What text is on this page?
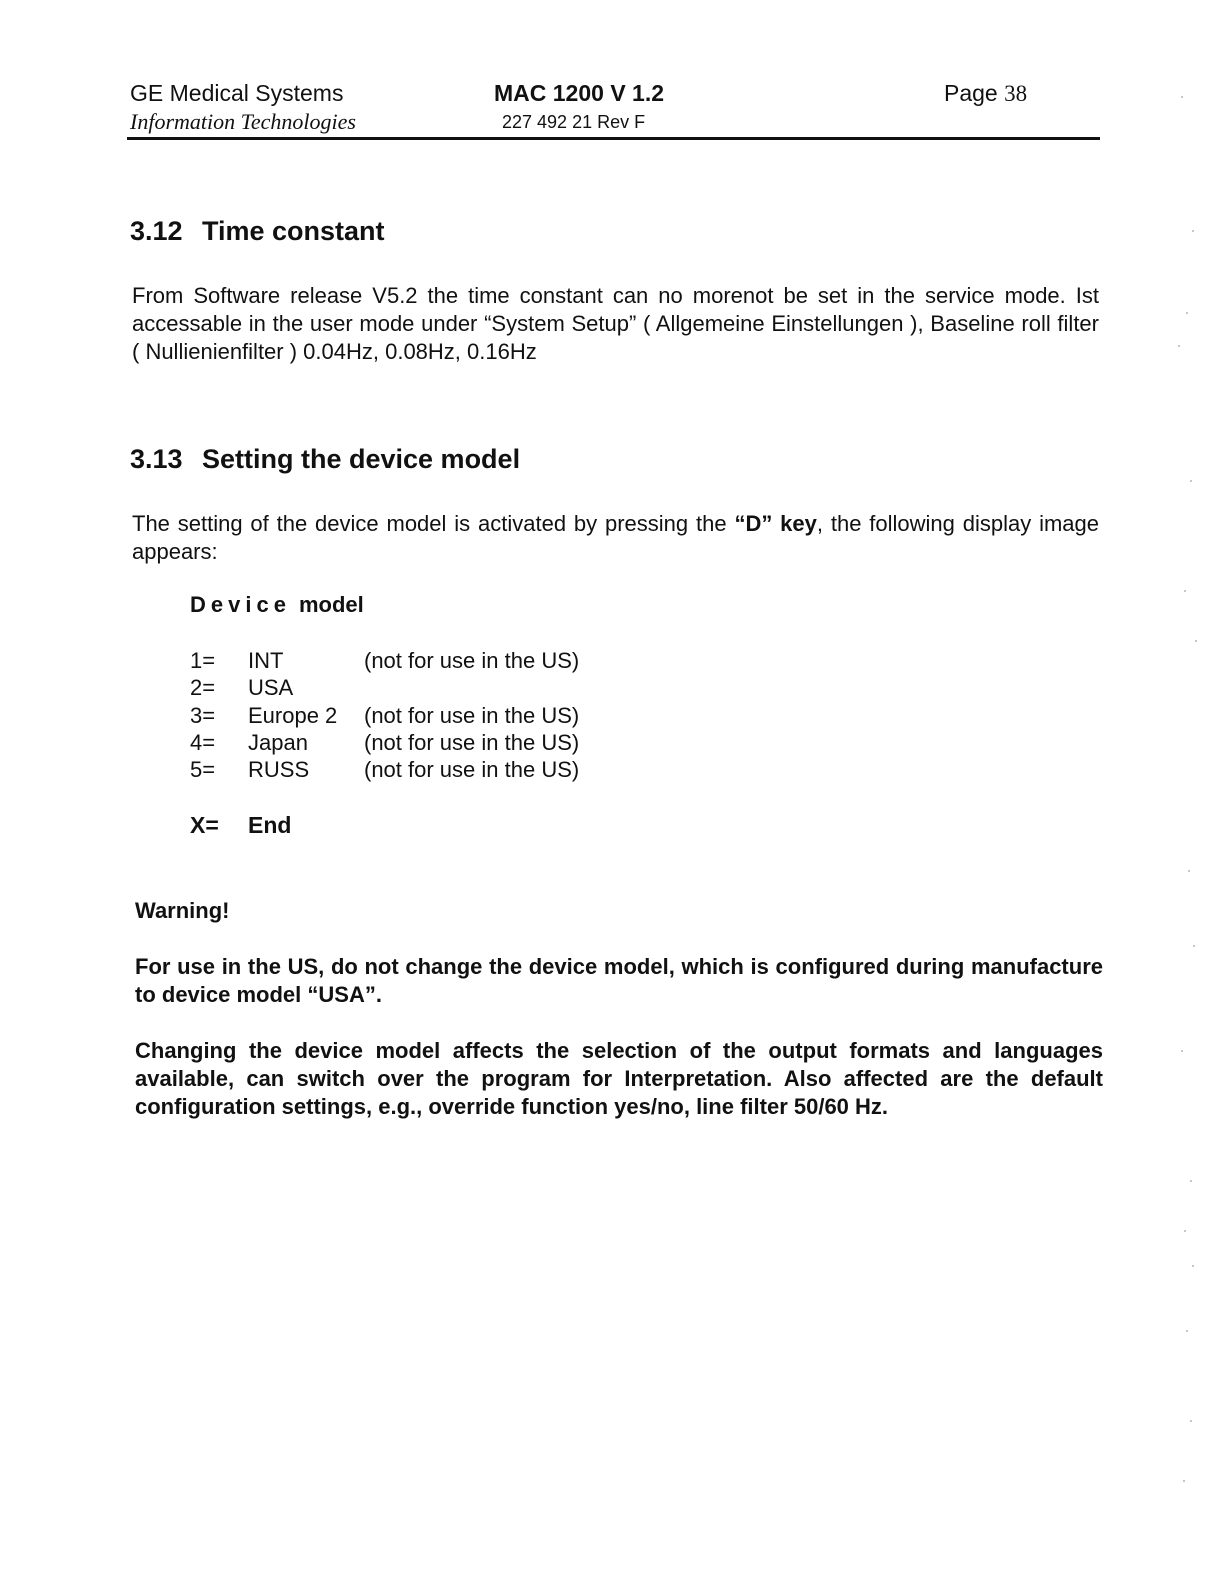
GE Medical Systems
Information Technologies
MAC 1200 V 1.2
227 492 21 Rev F
Page 38
3.12 Time constant
From Software release V5.2 the time constant can no morenot be set in the service mode. Ist accessable in the user mode under “System Setup” ( Allgemeine Einstellungen ), Baseline roll filter ( Nullienienfilter ) 0.04Hz, 0.08Hz, 0.16Hz
3.13 Setting the device model
The setting of the device model is activated by pressing the “D” key, the following display image appears:
Device model
1= INT	(not for use in the US)
2= USA
3= Europe 2 (not for use in the US)
4= Japan	(not for use in the US)
5= RUSS (not for use in the US)
X= End
Warning!
For use in the US, do not change the device model, which is configured during manufacture to device model “USA”.
Changing the device model affects the selection of the output formats and languages available, can switch over the program for Interpretation. Also affected are the default configuration settings, e.g., override function yes/no, line filter 50/60 Hz.
